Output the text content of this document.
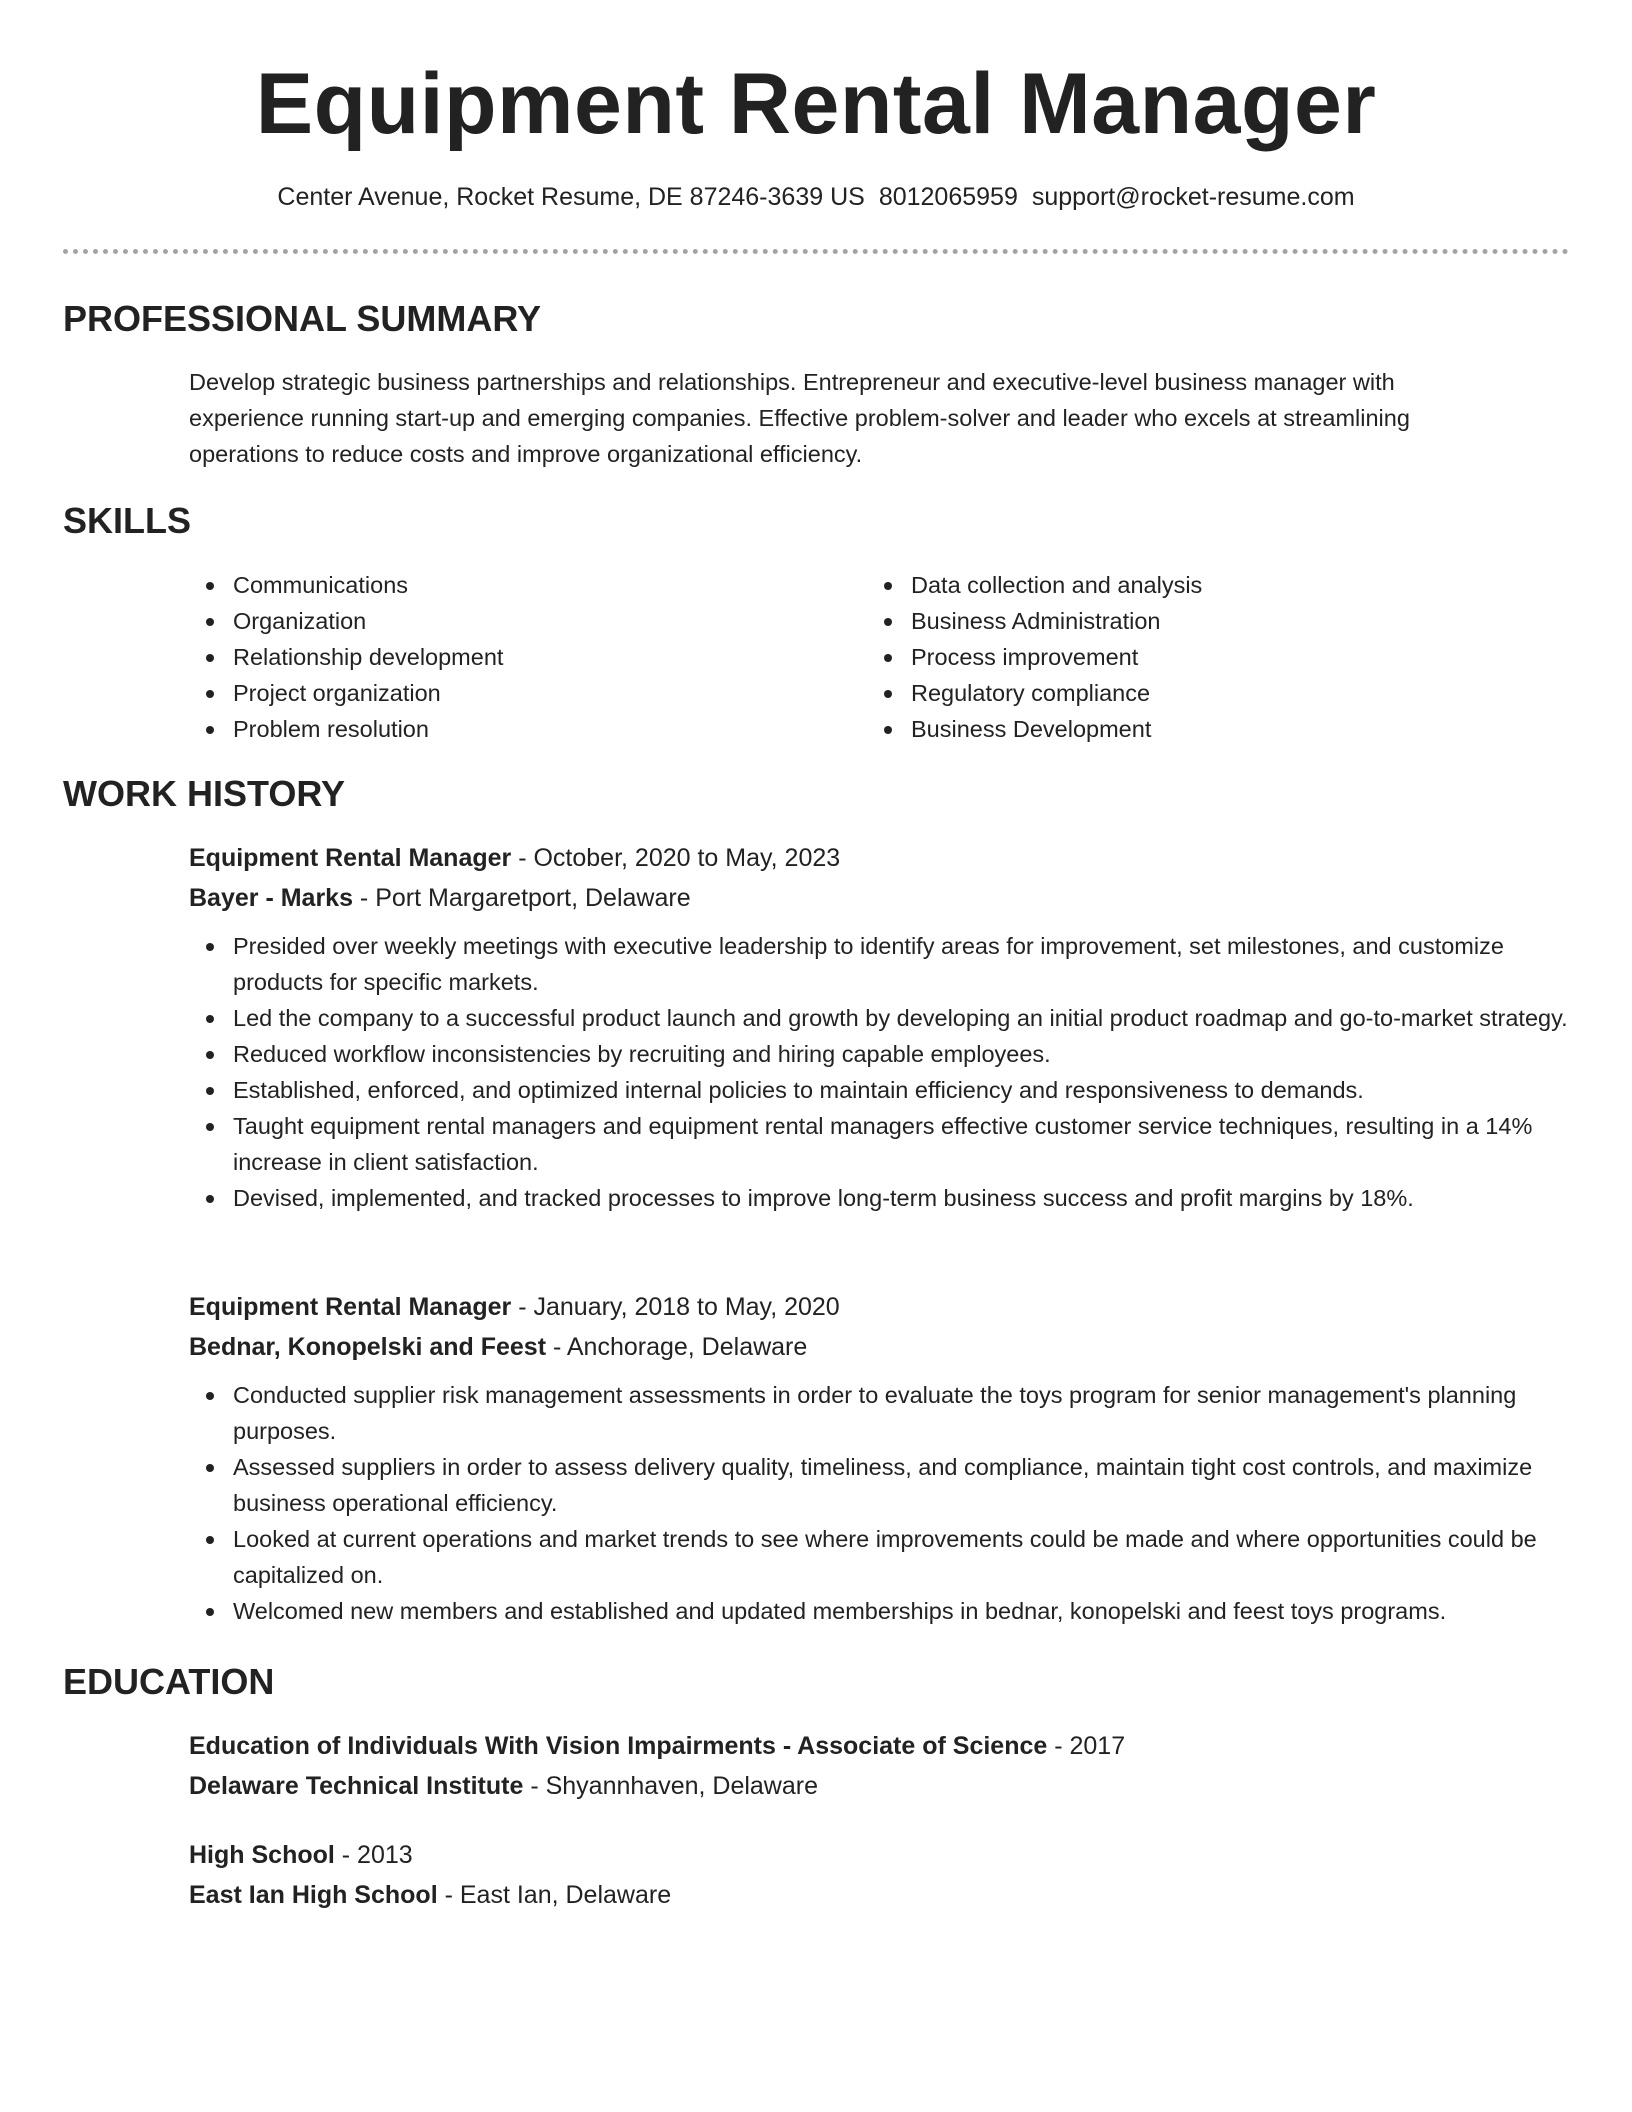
Equipment Rental Manager
Center Avenue, Rocket Resume, DE 87246-3639 US 8012065959 support@rocket-resume.com
PROFESSIONAL SUMMARY

Develop strategic business partnerships and relationships. Entrepreneur and executive-level business manager with experience running start-up and emerging companies. Effective problem-solver and leader who excels at streamlining operations to reduce costs and improve organizational efficiency.

SKILLS
Communications
Organization
Relationship development
Project organization
Problem resolution
Data collection and analysis
Business Administration
Process improvement
Regulatory compliance
Business Development
WORK HISTORY

Equipment Rental Manager - October, 2020 to May, 2023

Bayer - Marks - Port Margaretport, Delaware

Presided over weekly meetings with executive leadership to identify areas for improvement, set milestones, and customize products for specific markets.
Led the company to a successful product launch and growth by developing an initial product roadmap and go-to-market strategy.
Reduced workflow inconsistencies by recruiting and hiring capable employees.
Established, enforced, and optimized internal policies to maintain efficiency and responsiveness to demands.
Taught equipment rental managers and equipment rental managers effective customer service techniques, resulting in a 14% increase in client satisfaction.
Devised, implemented, and tracked processes to improve long-term business success and profit margins by 18%.

Equipment Rental Manager - January, 2018 to May, 2020

Bednar, Konopelski and Feest - Anchorage, Delaware

Conducted supplier risk management assessments in order to evaluate the toys program for senior management's planning purposes.
Assessed suppliers in order to assess delivery quality, timeliness, and compliance, maintain tight cost controls, and maximize business operational efficiency.
Looked at current operations and market trends to see where improvements could be made and where opportunities could be capitalized on.
Welcomed new members and established and updated memberships in bednar, konopelski and feest toys programs.
EDUCATION

Education of Individuals With Vision Impairments - Associate of Science - 2017

Delaware Technical Institute - Shyannhaven, Delaware

High School - 2013

East Ian High School - East Ian, Delaware
